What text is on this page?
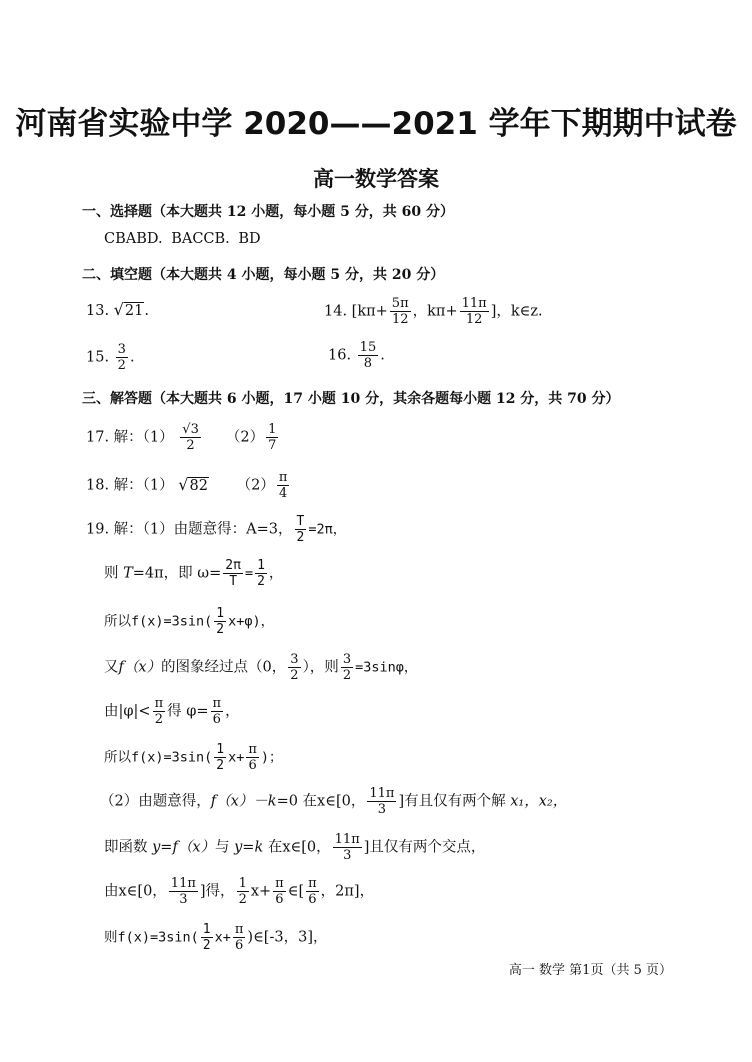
河南省实验中学 2020——2021 学年下期期中试卷
高一数学答案
一、选择题（本大题共 12 小题，每小题 5 分，共 60 分）
CBABD. BACCB. BD
二、填空题（本大题共 4 小题，每小题 5 分，共 20 分）
13. √21.	14. [$k\pi+ \frac{5\pi}{12}$ ，$k\pi+ \frac{11\pi}{12}$ ]，k∈z.
15. $\frac{3}{2}$ .	16. $\frac{15}{8}$ .
三、解答题（本大题共 6 小题，17 小题 10 分，其余各题每小题 12 分，共 70 分）
17. 解：$(1) \frac{√3}{2} (2) \frac{1}{7}$
18. 解：（1） √82 $(2) \frac{\pi}{4}$
19. 解：（1）由题意得：A=3， $\frac{T}{2} =2\pi$，
则 T=4π，即 $\omega= \frac{2\pi}{T} = \frac{1}{2}$ ，
所以$f(x)=3\sin( \frac{1}{2} x+\varphi)$，
又f（x）的图象经过点（0， $\frac{3}{2}$ ），则 $\frac{3}{2} =3\sin\varphi$，
由$|\varphi|< \frac{\pi}{2}$ 得 $\varphi= \frac{\pi}{6}$ ，
所以$f(x)=3\sin( \frac{1}{2} x+ \frac{\pi}{6}$ )；
（2）由题意得，f（x）－k=0 在x∈[0， $\frac{11\pi}{3}$ ]有且仅有两个解 x₁，x₂，
即函数 y=f（x）与 y=k 在x∈[0， $\frac{11\pi}{3}$ ]且仅有两个交点，
由x∈[0， $\frac{11\pi}{3}$ ]得， $\frac{1}{2} x+ \frac{\pi}{6}$ ∈[ $\frac{\pi}{6}$ ，2π]，
则$f(x)=3\sin( \frac{1}{2} x+ \frac{\pi}{6}$ )∈[-3，3]，
高一 数学 第1页（共 5 页）
